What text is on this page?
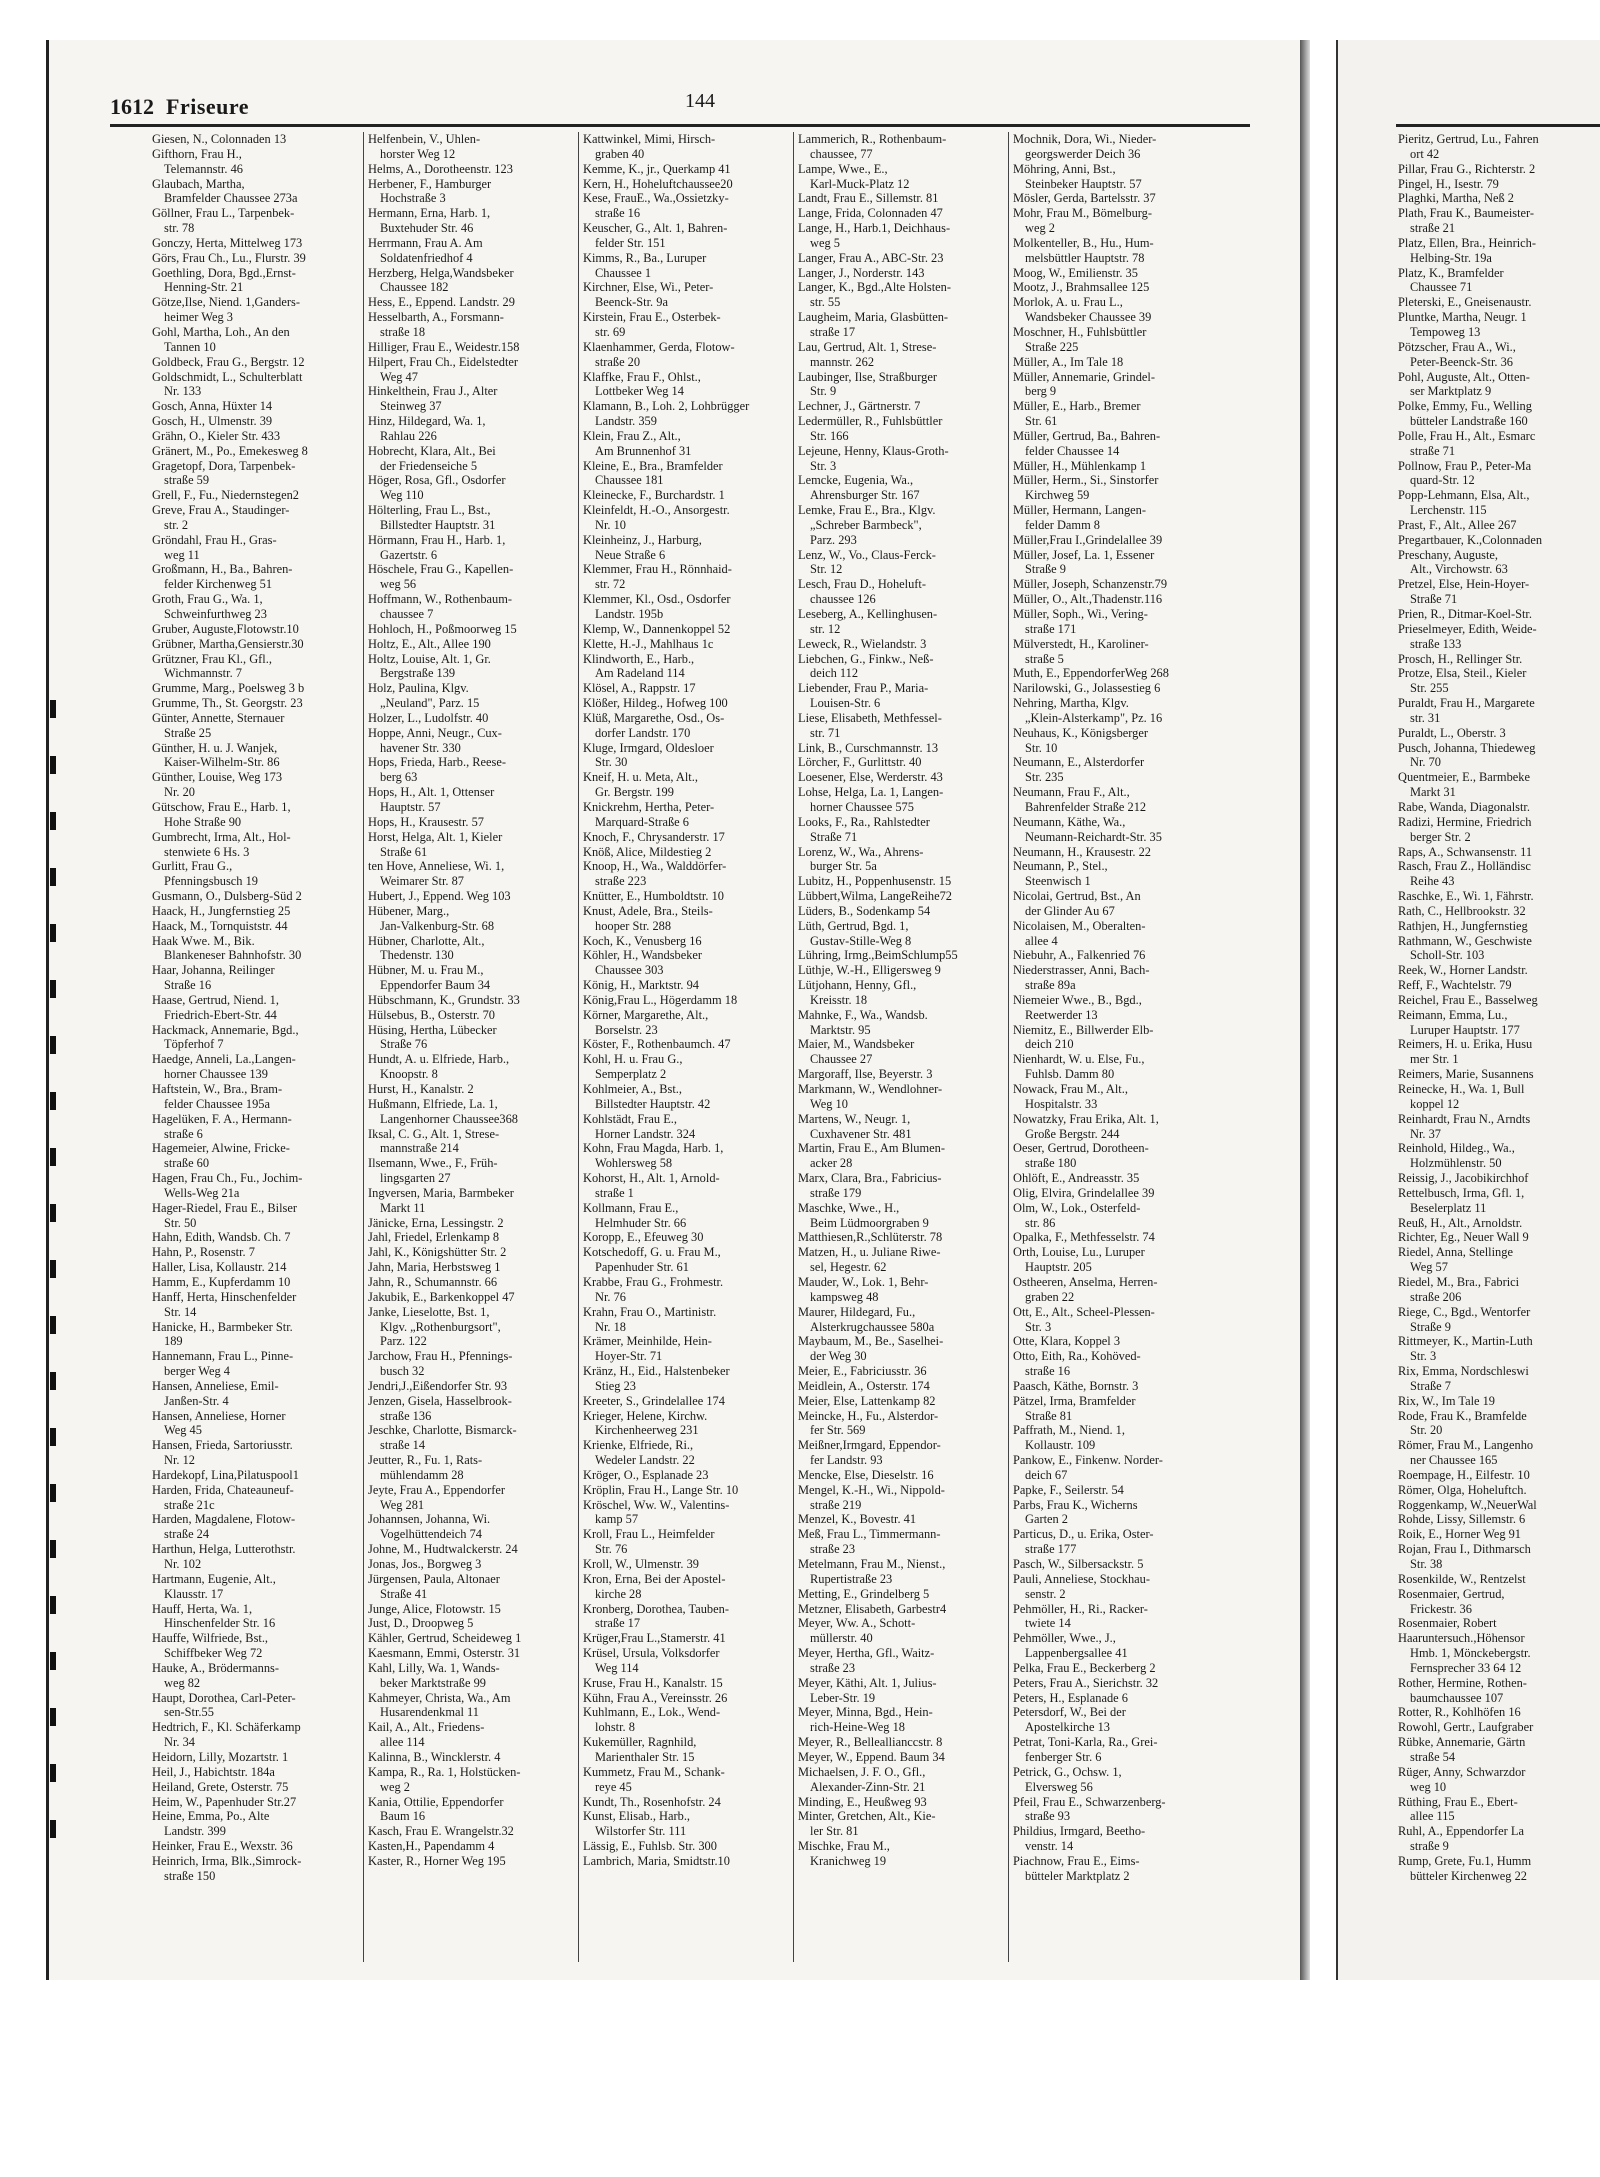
1612 Friseure	144
Giesen, N., Colonnaden 13
Gifthorn, Frau H.,
Telemannstr. 46
Glaubach, Martha,
Bramfelder Chaussee 273a
Göllner, Frau L., Tarpenbek-
str. 78
Gonczy, Herta, Mittelweg 173
Görs, Frau Ch., Lu., Flurstr. 39
Goethling, Dora, Bgd.,Ernst-
Henning-Str. 21
Götze,Ilse, Niend. 1,Ganders-
heimer Weg 3
Gohl, Martha, Loh., An den
Tannen 10
Goldbeck, Frau G., Bergstr. 12
Goldschmidt, L., Schulterblatt
Nr. 133
Gosch, Anna, Hüxter 14
Gosch, H., Ulmenstr. 39
Grähn, O., Kieler Str. 433
Gränert, M., Po., Emekesweg 8
Gragetopf, Dora, Tarpenbek-
straße 59
Grell, F., Fu., Niedernstegen2
Greve, Frau A., Staudinger-
str. 2
Gröndahl, Frau H., Gras-
weg 11
Großmann, H., Ba., Bahren-
felder Kirchenweg 51
Groth, Frau G., Wa. 1,
Schweinfurthweg 23
Gruber, Auguste,Flotowstr.10
Grübner, Martha,Gensierstr.30
Grützner, Frau Kl., Gfl.,
Wichmannstr. 7
Grumme, Marg., Poelsweg 3 b
Grumme, Th., St. Georgstr. 23
Günter, Annette, Sternauer
Straße 25
Günther, H. u. J. Wanjek,
Kaiser-Wilhelm-Str. 86
Günther, Louise, Weg 173
Nr. 20
Gütschow, Frau E., Harb. 1,
Hohe Straße 90
Gumbrecht, Irma, Alt., Hol-
stenwiete 6 Hs. 3
Gurlitt, Frau G.,
Pfenningsbusch 19
Gusmann, O., Dulsberg-Süd 2
Haack, H., Jungfernstieg 25
Haack, M., Tornquiststr. 44
Haak Wwe. M., Bik.
Blankeneser Bahnhofstr. 30
Haar, Johanna, Reilinger
Straße 16
Haase, Gertrud, Niend. 1,
Friedrich-Ebert-Str. 44
Hackmack, Annemarie, Bgd.,
Töpferhof 7
Haedge, Anneli, La.,Langen-
horner Chaussee 139
Haftstein, W., Bra., Bram-
felder Chaussee 195a
Hagelüken, F. A., Hermann-
straße 6
Hagemeier, Alwine, Fricke-
straße 60
Hagen, Frau Ch., Fu., Jochim-
Wells-Weg 21a
Hager-Riedel, Frau E., Bilser
Str. 50
Hahn, Edith, Wandsb. Ch. 7
Hahn, P., Rosenstr. 7
Haller, Lisa, Kollaustr. 214
Hamm, E., Kupferdamm 10
Hanff, Herta, Hinschenfelder
Str. 14
Hanicke, H., Barmbeker Str.
189
Hannemann, Frau L., Pinne-
berger Weg 4
Hansen, Anneliese, Emil-
Janßen-Str. 4
Hansen, Anneliese, Horner
Weg 45
Hansen, Frieda, Sartoriusstr.
Nr. 12
Hardekopf, Lina,Pilatuspool1
Harden, Frida, Chateauneuf-
straße 21c
Harden, Magdalene, Flotow-
straße 24
Harthun, Helga, Lutterothstr.
Nr. 102
Hartmann, Eugenie, Alt.,
Klausstr. 17
Hauff, Herta, Wa. 1,
Hinschenfelder Str. 16
Hauffe, Wilfriede, Bst.,
Schiffbeker Weg 72
Hauke, A., Brödermanns-
weg 82
Haupt, Dorothea, Carl-Peter-
sen-Str.55
Hedtrich, F., Kl. Schäferkamp
Nr. 34
Heidorn, Lilly, Mozartstr. 1
Heil, J., Habichtstr. 184a
Heiland, Grete, Osterstr. 75
Heim, W., Papenhuder Str.27
Heine, Emma, Po., Alte
Landstr. 399
Heinker, Frau E., Wexstr. 36
Heinrich, Irma, Blk.,Simrock-
straße 150
Helfenbein, V., Uhlen-
horster Weg 12
Helms, A., Dorotheenstr. 123
Herbener, F., Hamburger
Hochstraße 3
Hermann, Erna, Harb. 1,
Buxtehuder Str. 46
Herrmann, Frau A. Am
Soldatenfriedhof 4
Herzberg, Helga,Wandsbeker
Chaussee 182
Hess, E., Eppend. Landstr. 29
Hesselbarth, A., Forsmann-
straße 18
Hilliger, Frau E., Weidestr.158
Hilpert, Frau Ch., Eidelstedter
Weg 47
Hinkelthein, Frau J., Alter
Steinweg 37
Hinz, Hildegard, Wa. 1,
Rahlau 226
Hobrecht, Klara, Alt., Bei
der Friedenseiche 5
Höger, Rosa, Gfl., Osdorfer
Weg 110
Hölterling, Frau L., Bst.,
Billstedter Hauptstr. 31
Hörmann, Frau H., Harb. 1,
Gazertstr. 6
Höschele, Frau G., Kapellen-
weg 56
Hoffmann, W., Rothenbaum-
chaussee 7
Hohloch, H., Poßmoorweg 15
Holtz, E., Alt., Allee 190
Holtz, Louise, Alt. 1, Gr.
Bergstraße 139
Holz, Paulina, Klgv.
„Neuland", Parz. 15
Holzer, L., Ludolfstr. 40
Hoppe, Anni, Neugr., Cux-
havener Str. 330
Hops, Frieda, Harb., Reese-
berg 63
Hops, H., Alt. 1, Ottenser
Hauptstr. 57
Hops, H., Krausestr. 57
Horst, Helga, Alt. 1, Kieler
Straße 61
ten Hove, Anneliese, Wi. 1,
Weimarer Str. 87
Hubert, J., Eppend. Weg 103
Hübener, Marg.,
Jan-Valkenburg-Str. 68
Hübner, Charlotte, Alt.,
Thedenstr. 130
Hübner, M. u. Frau M.,
Eppendorfer Baum 34
Hübschmann, K., Grundstr. 33
Hülsebus, B., Osterstr. 70
Hüsing, Hertha, Lübecker
Straße 76
Hundt, A. u. Elfriede, Harb.,
Knoopstr. 8
Hurst, H., Kanalstr. 2
Hußmann, Elfriede, La. 1,
Langenhorner Chaussee368
Iksal, C. G., Alt. 1, Strese-
mannstraße 214
Ilsemann, Wwe., F., Früh-
lingsgarten 27
Ingversen, Maria, Barmbeker
Markt 11
Jänicke, Erna, Lessingstr. 2
Jahl, Friedel, Erlenkamp 8
Jahl, K., Königshütter Str. 2
Jahn, Maria, Herbstsweg 1
Jahn, R., Schumannstr. 66
Jakubik, E., Barkenkoppel 47
Janke, Lieselotte, Bst. 1,
Klgv. „Rothenburgsort",
Parz. 122
Jarchow, Frau H., Pfennings-
busch 32
Jendri,J.,Eißendorfer Str. 93
Jenzen, Gisela, Hasselbrook-
straße 136
Jeschke, Charlotte, Bismarck-
straße 14
Jeutter, R., Fu. 1, Rats-
mühlendamm 28
Jeyte, Frau A., Eppendorfer
Weg 281
Johannsen, Johanna, Wi.
Vogelhüttendeich 74
Johne, M., Hudtwalckerstr. 24
Jonas, Jos., Borgweg 3
Jürgensen, Paula, Altonaer
Straße 41
Junge, Alice, Flotowstr. 15
Just, D., Droopweg 5
Kähler, Gertrud, Scheideweg 1
Kaesmann, Emmi, Osterstr. 31
Kahl, Lilly, Wa. 1, Wands-
beker Marktstraße 99
Kahmeyer, Christa, Wa., Am
Husarendenkmal 11
Kail, A., Alt., Friedens-
allee 114
Kalinna, B., Wincklerstr. 4
Kampa, R., Ra. 1, Holstücken-
weg 2
Kania, Ottilie, Eppendorfer
Baum 16
Kasch, Frau E. Wrangelstr.32
Kasten,H., Papendamm 4
Kaster, R., Horner Weg 195
Kattwinkel, Mimi, Hirsch-
graben 40
Kemme, K., jr., Querkamp 41
Kern, H., Hoheluftchaussee20
Kese, FrauE., Wa.,Ossietzky-
straße 16
Keuscher, G., Alt. 1, Bahren-
felder Str. 151
Kimms, R., Ba., Luruper
Chaussee 1
Kirchner, Else, Wi., Peter-
Beenck-Str. 9a
Kirstein, Frau E., Osterbek-
str. 69
Klaenhammer, Gerda, Flotow-
straße 20
Klaffke, Frau F., Ohlst.,
Lottbeker Weg 14
Klamann, B., Loh. 2, Lohbrügger
Landstr. 359
Klein, Frau Z., Alt.,
Am Brunnenhof 31
Kleine, E., Bra., Bramfelder
Chaussee 181
Kleinecke, F., Burchardstr. 1
Kleinfeldt, H.-O., Ansorgestr.
Nr. 10
Kleinheinz, J., Harburg,
Neue Straße 6
Klemmer, Frau H., Rönnhaid-
str. 72
Klemmer, Kl., Osd., Osdorfer
Landstr. 195b
Klemp, W., Dannenkoppel 52
Klette, H.-J., Mahlhaus 1c
Klindworth, E., Harb.,
Am Radeland 114
Klösel, A., Rappstr. 17
Klößer, Hildeg., Hofweg 100
Klüß, Margarethe, Osd., Os-
dorfer Landstr. 170
Kluge, Irmgard, Oldesloer
Str. 30
Kneif, H. u. Meta, Alt.,
Gr. Bergstr. 199
Knickrehm, Hertha, Peter-
Marquard-Straße 6
Knoch, F., Chrysanderstr. 17
Knöß, Alice, Mildestieg 2
Knoop, H., Wa., Walddörfer-
straße 223
Knütter, E., Humboldtstr. 10
Knust, Adele, Bra., Steils-
hooper Str. 288
Koch, K., Venusberg 16
Köhler, H., Wandsbeker
Chaussee 303
König, H., Marktstr. 94
König,Frau L., Högerdamm 18
Körner, Margarethe, Alt.,
Borselstr. 23
Köster, F., Rothenbaumch. 47
Kohl, H. u. Frau G.,
Semperplatz 2
Kohlmeier, A., Bst.,
Billstedter Hauptstr. 42
Kohlstädt, Frau E.,
Horner Landstr. 324
Kohn, Frau Magda, Harb. 1,
Wohlersweg 58
Kohorst, H., Alt. 1, Arnold-
straße 1
Kollmann, Frau E.,
Helmhuder Str. 66
Koropp, E., Efeuweg 30
Kotschedoff, G. u. Frau M.,
Papenhuder Str. 61
Krabbe, Frau G., Frohmestr.
Nr. 76
Krahn, Frau O., Martinistr.
Nr. 18
Krämer, Meinhilde, Hein-
Hoyer-Str. 71
Kränz, H., Eid., Halstenbeker
Stieg 23
Kreeter, S., Grindelallee 174
Krieger, Helene, Kirchw.
Kirchenheerweg 231
Krienke, Elfriede, Ri.,
Wedeler Landstr. 22
Kröger, O., Esplanade 23
Kröplin, Frau H., Lange Str. 10
Kröschel, Ww. W., Valentins-
kamp 57
Kroll, Frau L., Heimfelder
Str. 76
Kroll, W., Ulmenstr. 39
Kron, Erna, Bei der Apostel-
kirche 28
Kronberg, Dorothea, Tauben-
straße 17
Krüger,Frau L.,Stamerstr. 41
Krüsel, Ursula, Volksdorfer
Weg 114
Kruse, Frau H., Kanalstr. 15
Kühn, Frau A., Vereinsstr. 26
Kuhlmann, E., Lok., Wend-
lohstr. 8
Kukemüller, Ragnhild,
Marienthaler Str. 15
Kummetz, Frau M., Schank-
reye 45
Kundt, Th., Rosenhofstr. 24
Kunst, Elisab., Harb.,
Wilstorfer Str. 111
Lässig, E., Fuhlsb. Str. 300
Lambrich, Maria, Smidtstr.10
Lammerich, R., Rothenbaum-
chaussee, 77
Lampe, Wwe., E.,
Karl-Muck-Platz 12
Landt, Frau E., Sillemstr. 81
Lange, Frida, Colonnaden 47
Lange, H., Harb.1, Deichhaus-
weg 5
Langer, Frau A., ABC-Str. 23
Langer, J., Norderstr. 143
Langer, K., Bgd.,Alte Holsten-
str. 55
Laugheim, Maria, Glasbütten-
straße 17
Lau, Gertrud, Alt. 1, Strese-
mannstr. 262
Laubinger, Ilse, Straßburger
Str. 9
Lechner, J., Gärtnerstr. 7
Ledermüller, R., Fuhlsbüttler
Str. 166
Lejeune, Henny, Klaus-Groth-
Str. 3
Lemcke, Eugenia, Wa.,
Ahrensburger Str. 167
Lemke, Frau E., Bra., Klgv.
„Schreber Barmbeck",
Parz. 293
Lenz, W., Vo., Claus-Ferck-
Str. 12
Lesch, Frau D., Hoheluft-
chaussee 126
Leseberg, A., Kellinghusen-
str. 12
Leweck, R., Wielandstr. 3
Liebchen, G., Finkw., Neß-
deich 112
Liebender, Frau P., Maria-
Louisen-Str. 6
Liese, Elisabeth, Methfessel-
str. 71
Link, B., Curschmannstr. 13
Lörcher, F., Gurlittstr. 40
Loesener, Else, Werderstr. 43
Lohse, Helga, La. 1, Langen-
horner Chaussee 575
Looks, F., Ra., Rahlstedter
Straße 71
Lorenz, W., Wa., Ahrens-
burger Str. 5a
Lubitz, H., Poppenhusenstr. 15
Lübbert,Wilma, LangeReihe72
Lüders, B., Sodenkamp 54
Lüth, Gertrud, Bgd. 1,
Gustav-Stille-Weg 8
Lühring, Irmg.,BeimSchlump55
Lüthje, W.-H., Elligersweg 9
Lütjohann, Henny, Gfl.,
Kreisstr. 18
Mahnke, F., Wa., Wandsb.
Marktstr. 95
Maier, M., Wandsbeker
Chaussee 27
Margoraff, Ilse, Beyerstr. 3
Markmann, W., Wendlohner-
Weg 10
Martens, W., Neugr. 1,
Cuxhavener Str. 481
Martin, Frau E., Am Blumen-
acker 28
Marx, Clara, Bra., Fabricius-
straße 179
Maschke, Wwe., H.,
Beim Lüdmoorgraben 9
Matthiesen,R.,Schlüterstr. 78
Matzen, H., u. Juliane Riwe-
sel, Hegestr. 62
Mauder, W., Lok. 1, Behr-
kampsweg 48
Maurer, Hildegard, Fu.,
Alsterkrugchaussee 580a
Maybaum, M., Be., Saselhei-
der Weg 30
Meier, E., Fabriciusstr. 36
Meidlein, A., Osterstr. 174
Meier, Else, Lattenkamp 82
Meincke, H., Fu., Alsterdor-
fer Str. 569
Meißner,Irmgard, Eppendor-
fer Landstr. 93
Mencke, Else, Dieselstr. 16
Mengel, K.-H., Wi., Nippold-
straße 219
Menzel, K., Bovestr. 41
Meß, Frau L., Timmermann-
straße 23
Metelmann, Frau M., Nienst.,
Rupertistraße 23
Metting, E., Grindelberg 5
Metzner, Elisabeth, Garbestr4
Meyer, Ww. A., Schott-
müllerstr. 40
Meyer, Hertha, Gfl., Waitz-
straße 23
Meyer, Käthi, Alt. 1, Julius-
Leber-Str. 19
Meyer, Minna, Bgd., Hein-
rich-Heine-Weg 18
Meyer, R., Belleallianccstr. 8
Meyer, W., Eppend. Baum 34
Michaelsen, J. F. O., Gfl.,
Alexander-Zinn-Str. 21
Minding, E., Heußweg 93
Minter, Gretchen, Alt., Kie-
ler Str. 81
Mischke, Frau M.,
Kranichweg 19
Mochnik, Dora, Wi., Nieder-
georgswerder Deich 36
Möhring, Anni, Bst.,
Steinbeker Hauptstr. 57
Mösler, Gerda, Bartelsstr. 37
Mohr, Frau M., Bömelburg-
weg 2
Molkenteller, B., Hu., Hum-
melsbüttler Hauptstr. 78
Moog, W., Emilienstr. 35
Mootz, J., Brahmsallee 125
Morlok, A. u. Frau L.,
Wandsbeker Chaussee 39
Moschner, H., Fuhlsbüttler
Straße 225
Müller, A., Im Tale 18
Müller, Annemarie, Grindel-
berg 9
Müller, E., Harb., Bremer
Str. 61
Müller, Gertrud, Ba., Bahren-
felder Chaussee 14
Müller, H., Mühlenkamp 1
Müller, Herm., Si., Sinstorfer
Kirchweg 59
Müller, Hermann, Langen-
felder Damm 8
Müller,Frau I.,Grindelallee 39
Müller, Josef, La. 1, Essener
Straße 9
Müller, Joseph, Schanzenstr.79
Müller, O., Alt.,Thadenstr.116
Müller, Soph., Wi., Vering-
straße 171
Mülverstedt, H., Karoliner-
straße 5
Muth, E., EppendorferWeg 268
Narilowski, G., Jolassestieg 6
Nehring, Martha, Klgv.
„Klein-Alsterkamp", Pz. 16
Neuhaus, K., Königsberger
Str. 10
Neumann, E., Alsterdorfer
Str. 235
Neumann, Frau F., Alt.,
Bahrenfelder Straße 212
Neumann, Käthe, Wa.,
Neumann-Reichardt-Str. 35
Neumann, H., Krausestr. 22
Neumann, P., Stel.,
Steenwisch 1
Nicolai, Gertrud, Bst., An
der Glinder Au 67
Nicolaisen, M., Oberalten-
allee 4
Niebuhr, A., Falkenried 76
Niederstrasser, Anni, Bach-
straße 89a
Niemeier Wwe., B., Bgd.,
Reetwerder 13
Niemitz, E., Billwerder Elb-
deich 210
Nienhardt, W. u. Else, Fu.,
Fuhlsb. Damm 80
Nowack, Frau M., Alt.,
Hospitalstr. 33
Nowatzky, Frau Erika, Alt. 1,
Große Bergstr. 244
Oeser, Gertrud, Dorotheen-
straße 180
Ohlöft, E., Andreasstr. 35
Olig, Elvira, Grindelallee 39
Olm, W., Lok., Osterfeld-
str. 86
Opalka, F., Methfesselstr. 74
Orth, Louise, Lu., Luruper
Hauptstr. 205
Ostheeren, Anselma, Herren-
graben 22
Ott, E., Alt., Scheel-Plessen-
Str. 3
Otte, Klara, Koppel 3
Otto, Eith, Ra., Kohöved-
straße 16
Paasch, Käthe, Bornstr. 3
Pätzel, Irma, Bramfelder
Straße 81
Paffrath, M., Niend. 1,
Kollaustr. 109
Pankow, E., Finkenw. Norder-
deich 67
Papke, F., Seilerstr. 54
Parbs, Frau K., Wicherns
Garten 2
Particus, D., u. Erika, Oster-
straße 177
Pasch, W., Silbersackstr. 5
Pauli, Anneliese, Stockhau-
senstr. 2
Pehmöller, H., Ri., Racker-
twiete 14
Pehmöller, Wwe., J.,
Lappenbergsallee 41
Pelka, Frau E., Beckerberg 2
Peters, Frau A., Sierichstr. 32
Peters, H., Esplanade 6
Petersdorf, W., Bei der
Apostelkirche 13
Petrat, Toni-Karla, Ra., Grei-
fenberger Str. 6
Petrick, G., Ochsw. 1,
Elversweg 56
Pfeil, Frau E., Schwarzenberg-
straße 93
Phildius, Irmgard, Beetho-
venstr. 14
Piachnow, Frau E., Eims-
bütteler Marktplatz 2
Pieritz, Gertrud, Lu., Fahren
ort 42
Pillar, Frau G., Richterstr. 2
Pingel, H., Isestr. 79
Plaghki, Martha, Neß 2
Plath, Frau K., Baumeister-
straße 21
Platz, Ellen, Bra., Heinrich-
Helbing-Str. 19a
Platz, K., Bramfelder
Chaussee 71
Pleterski, E., Gneisenaustr.
Pluntke, Martha, Neugr. 1
Tempoweg 13
Pötzscher, Frau A., Wi.,
Peter-Beenck-Str. 36
Pohl, Auguste, Alt., Otten-
ser Marktplatz 9
Polke, Emmy, Fu., Welling
bütteler Landstraße 160
Polle, Frau H., Alt., Esmarc
straße 71
Pollnow, Frau P., Peter-Ma
quard-Str. 12
Popp-Lehmann, Elsa, Alt.,
Lerchenstr. 115
Prast, F., Alt., Allee 267
Pregartbauer, K.,Colonnaden
Preschany, Auguste,
Alt., Virchowstr. 63
Pretzel, Else, Hein-Hoyer-
Straße 71
Prien, R., Ditmar-Koel-Str.
Prieselmeyer, Edith, Weide-
straße 133
Prosch, H., Rellinger Str.
Protze, Elsa, Steil., Kieler
Str. 255
Puraldt, Frau H., Margarete
str. 31
Puraldt, L., Oberstr. 3
Pusch, Johanna, Thiedeweg
Nr. 70
Quentmeier, E., Barmbeke
Markt 31
Rabe, Wanda, Diagonalstr.
Radizi, Hermine, Friedrich
berger Str. 2
Raps, A., Schwansenstr. 11
Rasch, Frau Z., Holländisc
Reihe 43
Raschke, E., Wi. 1, Fährstr.
Rath, C., Hellbrookstr. 32
Rathjen, H., Jungfernstieg
Rathmann, W., Geschwiste
Scholl-Str. 103
Reek, W., Horner Landstr.
Reff, F., Wachtelstr. 79
Reichel, Frau E., Basselweg
Reimann, Emma, Lu.,
Luruper Hauptstr. 177
Reimers, H. u. Erika, Husu
mer Str. 1
Reimers, Marie, Susannens
Reinecke, H., Wa. 1, Bull
koppel 12
Reinhardt, Frau N., Arndts
Nr. 37
Reinhold, Hildeg., Wa.,
Holzmühlenstr. 50
Reissig, J., Jacobikirchhof
Rettelbusch, Irma, Gfl. 1,
Beselerplatz 11
Reuß, H., Alt., Arnoldstr.
Richter, Eg., Neuer Wall 9
Riedel, Anna, Stellinge
Weg 57
Riedel, M., Bra., Fabrici
straße 206
Riege, C., Bgd., Wentorfer
Straße 9
Rittmeyer, K., Martin-Luth
Str. 3
Rix, Emma, Nordschleswi
Straße 7
Rix, W., Im Tale 19
Rode, Frau K., Bramfelde
Str. 20
Römer, Frau M., Langenho
ner Chaussee 165
Roempage, H., Eilfestr. 10
Römer, Olga, Hoheluftch.
Roggenkamp, W.,NeuerWal
Rohde, Lissy, Sillemstr. 6
Roik, E., Horner Weg 91
Rojan, Frau I., Dithmarsch
Str. 38
Rosenkilde, W., Rentzelst
Rosenmaier, Gertrud,
Frickestr. 36
Rosenmaier, Robert
Haaruntersuch.,Höhensor
Hmb. 1, Mönckebergstr.
Fernsprecher 33 64 12
Rother, Hermine, Rothen-
baumchaussee 107
Rotter, R., Kohlhöfen 16
Rowohl, Gertr., Laufgraber
Rübke, Annemarie, Gärtn
straße 54
Rüger, Anny, Schwarzdor
weg 10
Rüthing, Frau E., Ebert-
allee 115
Ruhl, A., Eppendorfer La
straße 9
Rump, Grete, Fu.1, Humm
bütteler Kirchenweg 22
